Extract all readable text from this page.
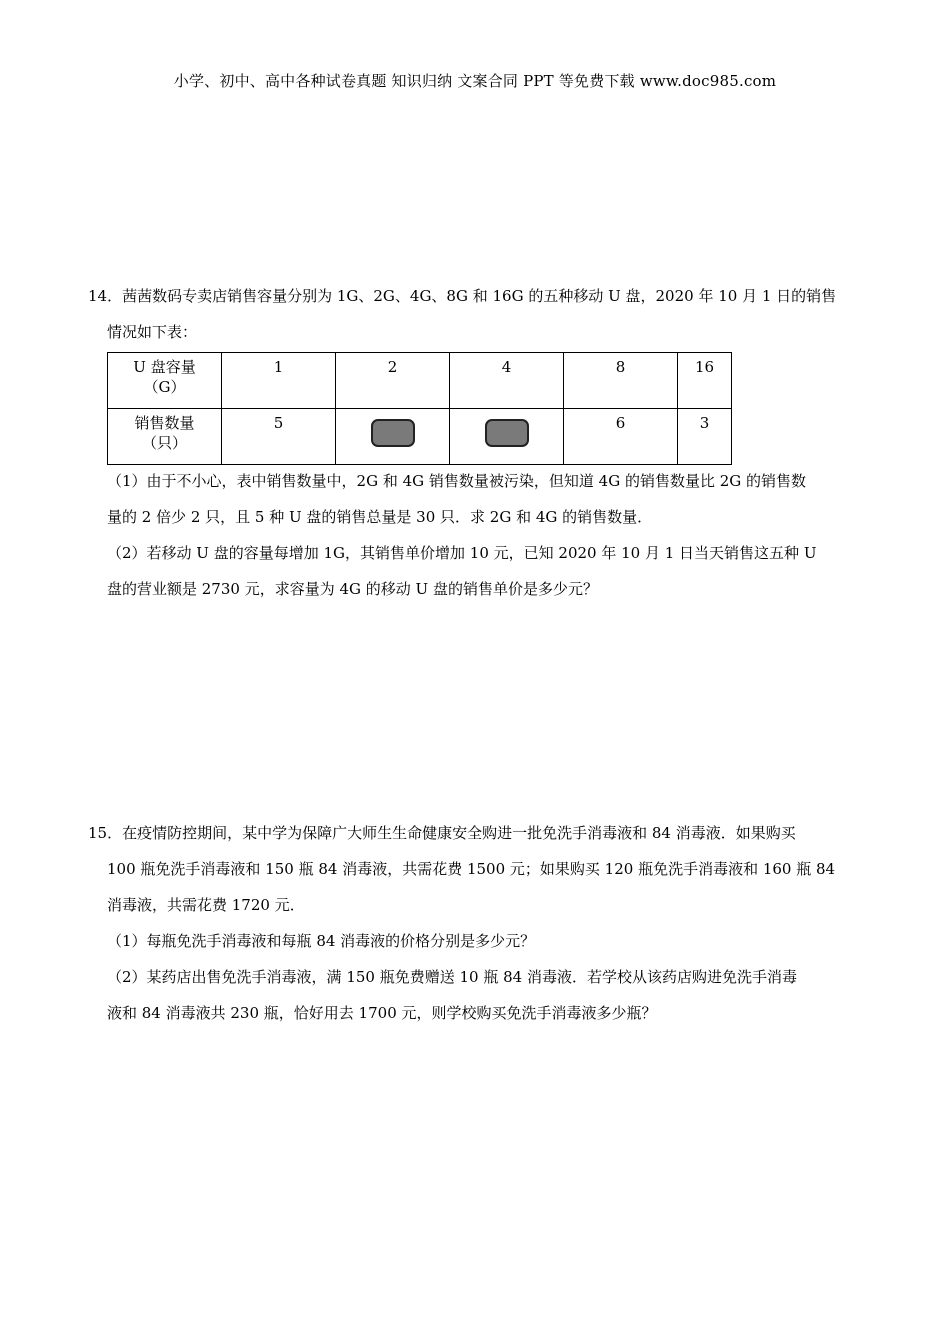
小学、初中、高中各种试卷真题 知识归纳 文案合同 PPT 等免费下载 www.doc985.com
14．茜茜数码专卖店销售容量分别为 1G、2G、4G、8G 和 16G 的五种移动 U 盘，2020 年 10 月 1 日的销售
情况如下表：
U 盘容量
（G）	1	2	4	8	16

销售数量
（只）	5			6	3
（1）由于不小心，表中销售数量中，2G 和 4G 销售数量被污染，但知道 4G 的销售数量比 2G 的销售数
量的 2 倍少 2 只，且 5 种 U 盘的销售总量是 30 只．求 2G 和 4G 的销售数量．
（2）若移动 U 盘的容量每增加 1G，其销售单价增加 10 元，已知 2020 年 10 月 1 日当天销售这五种 U
盘的营业额是 2730 元，求容量为 4G 的移动 U 盘的销售单价是多少元？
15．在疫情防控期间，某中学为保障广大师生生命健康安全购进一批免洗手消毒液和 84 消毒液．如果购买
100 瓶免洗手消毒液和 150 瓶 84 消毒液，共需花费 1500 元；如果购买 120 瓶免洗手消毒液和 160 瓶 84
消毒液，共需花费 1720 元．
（1）每瓶免洗手消毒液和每瓶 84 消毒液的价格分别是多少元？
（2）某药店出售免洗手消毒液，满 150 瓶免费赠送 10 瓶 84 消毒液．若学校从该药店购进免洗手消毒
液和 84 消毒液共 230 瓶，恰好用去 1700 元，则学校购买免洗手消毒液多少瓶？
